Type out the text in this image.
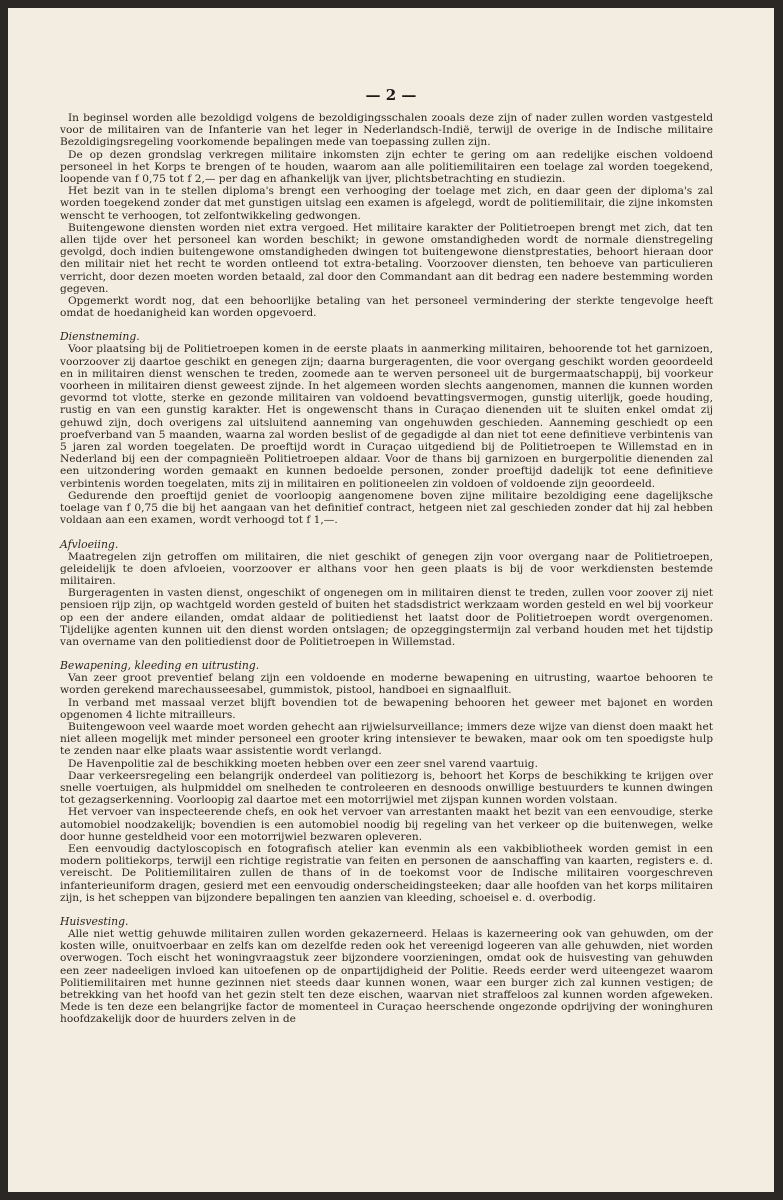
— 2 —

In beginsel worden alle bezoldigd volgens de bezoldigingsschalen zooals deze zijn of nader zullen worden vastgesteld voor de militairen van de Infanterie van het leger in Nederlandsch-Indië, terwijl de overige in de Indische militaire Bezoldigingsregeling voorkomende bepalingen mede van toepassing zullen zijn.

De op dezen grondslag verkregen militaire inkomsten zijn echter te gering om aan redelijke eischen voldoend personeel in het Korps te brengen of te houden, waarom aan alle politiemilitairen een toelage zal worden toegekend, loopende van f 0,75 tot f 2,— per dag en afhankelijk van ijver, plichtsbetrachting en studiezin.

Het bezit van in te stellen diploma's brengt een verhooging der toelage met zich, en daar geen der diploma's zal worden toegekend zonder dat met gunstigen uitslag een examen is afgelegd, wordt de politiemilitair, die zijne inkomsten wenscht te verhoogen, tot zelfontwikkeling gedwongen.

Buitengewone diensten worden niet extra vergoed. Het militaire karakter der Politietroepen brengt met zich, dat ten allen tijde over het personeel kan worden beschikt; in gewone omstandigheden wordt de normale dienstregeling gevolgd, doch indien buitengewone omstandigheden dwingen tot buitengewone dienstprestaties, behoort hieraan door den militair niet het recht te worden ontleend tot extra-betaling. Voorzoover diensten, ten behoeve van particulieren verricht, door dezen moeten worden betaald, zal door den Commandant aan dit bedrag een nadere bestemming worden gegeven.

Opgemerkt wordt nog, dat een behoorlijke betaling van het personeel vermindering der sterkte tengevolge heeft omdat de hoedanigheid kan worden opgevoerd.

Dienstneming.

Voor plaatsing bij de Politietroepen komen in de eerste plaats in aanmerking militairen, behoorende tot het garnizoen, voorzoover zij daartoe geschikt en genegen zijn; daarna burgeragenten, die voor overgang geschikt worden geoordeeld en in militairen dienst wenschen te treden, zoomede aan te werven personeel uit de burgermaatschappij, bij voorkeur voorheen in militairen dienst geweest zijnde. In het algemeen worden slechts aangenomen, mannen die kunnen worden gevormd tot vlotte, sterke en gezonde militairen van voldoend bevattingsvermogen, gunstig uiterlijk, goede houding, rustig en van een gunstig karakter. Het is ongewenscht thans in Curaçao dienenden uit te sluiten enkel omdat zij gehuwd zijn, doch overigens zal uitsluitend aanneming van ongehuwden geschieden. Aanneming geschiedt op een proefverband van 5 maanden, waarna zal worden beslist of de gegadigde al dan niet tot eene definitieve verbintenis van 5 jaren zal worden toegelaten. De proeftijd wordt in Curaçao uitgediend bij de Politietroepen te Willemstad en in Nederland bij een der compagnieën Politietroepen aldaar. Voor de thans bij garnizoen en burgerpolitie dienenden zal een uitzondering worden gemaakt en kunnen bedoelde personen, zonder proeftijd dadelijk tot eene definitieve verbintenis worden toegelaten, mits zij in militairen en politioneelen zin voldoen of voldoende zijn geoordeeld.

Gedurende den proeftijd geniet de voorloopig aangenomene boven zijne militaire bezoldiging eene dagelijksche toelage van f 0,75 die bij het aangaan van het definitief contract, hetgeen niet zal geschieden zonder dat hij zal hebben voldaan aan een examen, wordt verhoogd tot f 1,—.

Afvloeiing.

Maatregelen zijn getroffen om militairen, die niet geschikt of genegen zijn voor overgang naar de Politietroepen, geleidelijk te doen afvloeien, voorzoover er althans voor hen geen plaats is bij de voor werkdiensten bestemde militairen.

Burgeragenten in vasten dienst, ongeschikt of ongenegen om in militairen dienst te treden, zullen voor zoover zij niet pensioen rijp zijn, op wachtgeld worden gesteld of buiten het stadsdistrict werkzaam worden gesteld en wel bij voorkeur op een der andere eilanden, omdat aldaar de politiedienst het laatst door de Politietroepen wordt overgenomen. Tijdelijke agenten kunnen uit den dienst worden ontslagen; de opzeggingstermijn zal verband houden met het tijdstip van overname van den politiedienst door de Politietroepen in Willemstad.

Bewapening, kleeding en uitrusting.

Van zeer groot preventief belang zijn een voldoende en moderne bewapening en uitrusting, waartoe behooren te worden gerekend marechausseesabel, gummistok, pistool, handboei en signaalfluit.

In verband met massaal verzet blijft bovendien tot de bewapening behooren het geweer met bajonet en worden opgenomen 4 lichte mitrailleurs.

Buitengewoon veel waarde moet worden gehecht aan rijwielsurveillance; immers deze wijze van dienst doen maakt het niet alleen mogelijk met minder personeel een grooter kring intensiever te bewaken, maar ook om ten spoedigste hulp te zenden naar elke plaats waar assistentie wordt verlangd.

De Havenpolitie zal de beschikking moeten hebben over een zeer snel varend vaartuig.

Daar verkeersregeling een belangrijk onderdeel van politiezorg is, behoort het Korps de beschikking te krijgen over snelle voertuigen, als hulpmiddel om snelheden te controleeren en desnoods onwillige bestuurders te kunnen dwingen tot gezagserkenning. Voorloopig zal daartoe met een motorrijwiel met zijspan kunnen worden volstaan.

Het vervoer van inspecteerende chefs, en ook het vervoer van arrestanten maakt het bezit van een eenvoudige, sterke automobiel noodzakelijk; bovendien is een automobiel noodig bij regeling van het verkeer op die buitenwegen, welke door hunne gesteldheid voor een motorrijwiel bezwaren opleveren.

Een eenvoudig dactyloscopisch en fotografisch atelier kan evenmin als een vakbibliotheek worden gemist in een modern politiekorps, terwijl een richtige registratie van feiten en personen de aanschaffing van kaarten, registers e. d. vereischt. De Politiemilitairen zullen de thans of in de toekomst voor de Indische militairen voorgeschreven infanterieuniform dragen, gesierd met een eenvoudig onderscheidingsteeken; daar alle hoofden van het korps militairen zijn, is het scheppen van bijzondere bepalingen ten aanzien van kleeding, schoeisel e. d. overbodig.

Huisvesting.

Alle niet wettig gehuwde militairen zullen worden gekazerneerd. Helaas is kazerneering ook van gehuwden, om der kosten wille, onuitvoerbaar en zelfs kan om dezelfde reden ook het vereenigd logeeren van alle gehuwden, niet worden overwogen. Toch eischt het woningvraagstuk zeer bijzondere voorzieningen, omdat ook de huisvesting van gehuwden een zeer nadeeligen invloed kan uitoefenen op de onpartijdigheid der Politie. Reeds eerder werd uiteengezet waarom Politiemilitairen met hunne gezinnen niet steeds daar kunnen wonen, waar een burger zich zal kunnen vestigen; de betrekking van het hoofd van het gezin stelt ten deze eischen, waarvan niet straffeloos zal kunnen worden afgeweken. Mede is ten deze een belangrijke factor de momenteel in Curaçao heerschende ongezonde opdrijving der woninghuren hoofdzakelijk door de huurders zelven in de
